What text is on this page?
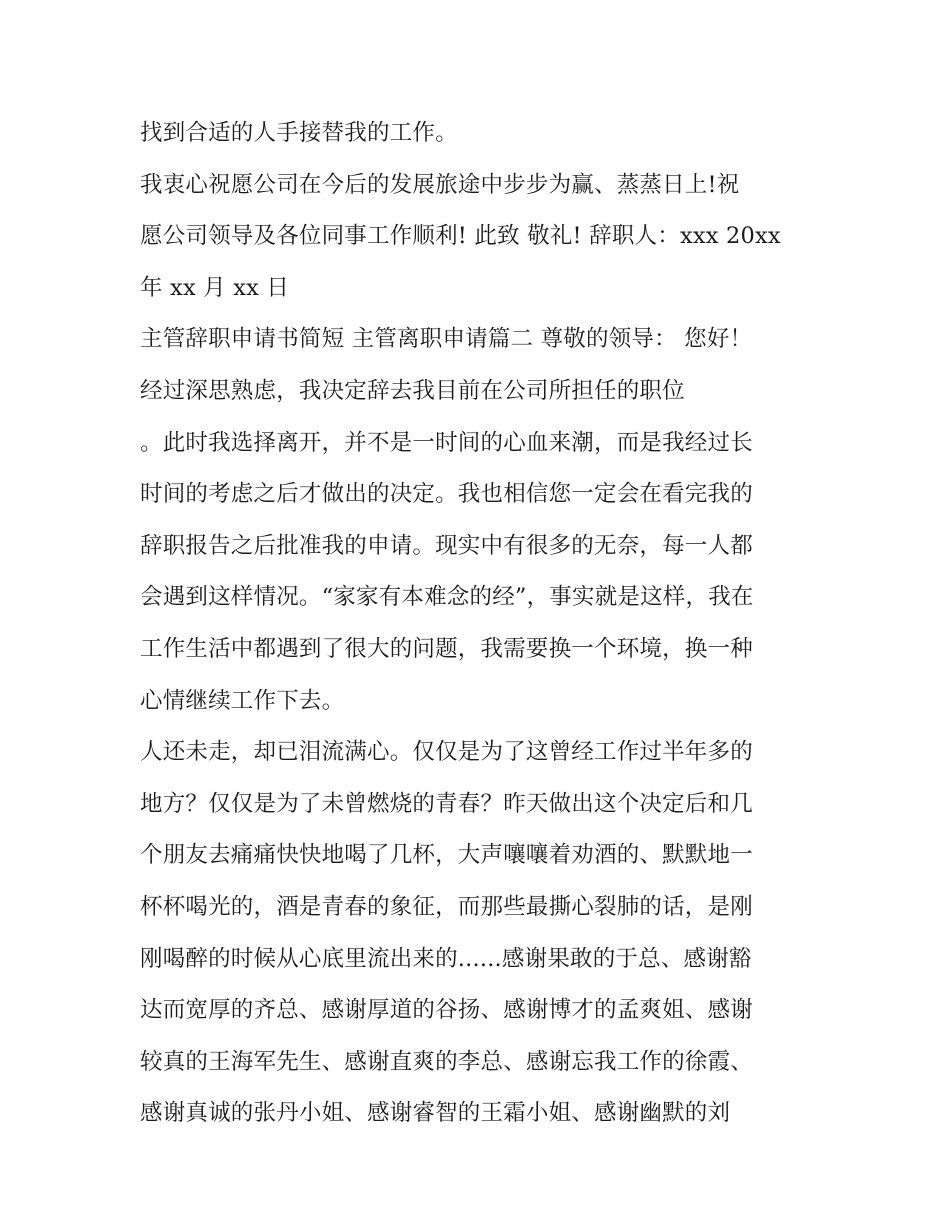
找到合适的人手接替我的工作。
我衷心祝愿公司在今后的发展旅途中步步为赢、蒸蒸日上!祝
愿公司领导及各位同事工作顺利! 此致 敬礼! 辞职人：xxx 20xx
年 xx 月 xx 日
主管辞职申请书简短 主管离职申请篇二 尊敬的领导： 您好！
经过深思熟虑，我决定辞去我目前在公司所担任的职位
。此时我选择离开，并不是一时间的心血来潮，而是我经过长
时间的考虑之后才做出的决定。我也相信您一定会在看完我的
辞职报告之后批准我的申请。现实中有很多的无奈，每一人都
会遇到这样情况。“家家有本难念的经”，事实就是这样，我在
工作生活中都遇到了很大的问题，我需要换一个环境，换一种
心情继续工作下去。
人还未走，却已泪流满心。仅仅是为了这曾经工作过半年多的
地方？仅仅是为了未曾燃烧的青春？昨天做出这个决定后和几
个朋友去痛痛快快地喝了几杯，大声嚷嚷着劝酒的、默默地一
杯杯喝光的，酒是青春的象征，而那些最撕心裂肺的话，是刚
刚喝醉的时候从心底里流出来的......感谢果敢的于总、感谢豁
达而宽厚的齐总、感谢厚道的谷扬、感谢博才的孟爽姐、感谢
较真的王海军先生、感谢直爽的李总、感谢忘我工作的徐霞、
感谢真诚的张丹小姐、感谢睿智的王霜小姐、感谢幽默的刘
